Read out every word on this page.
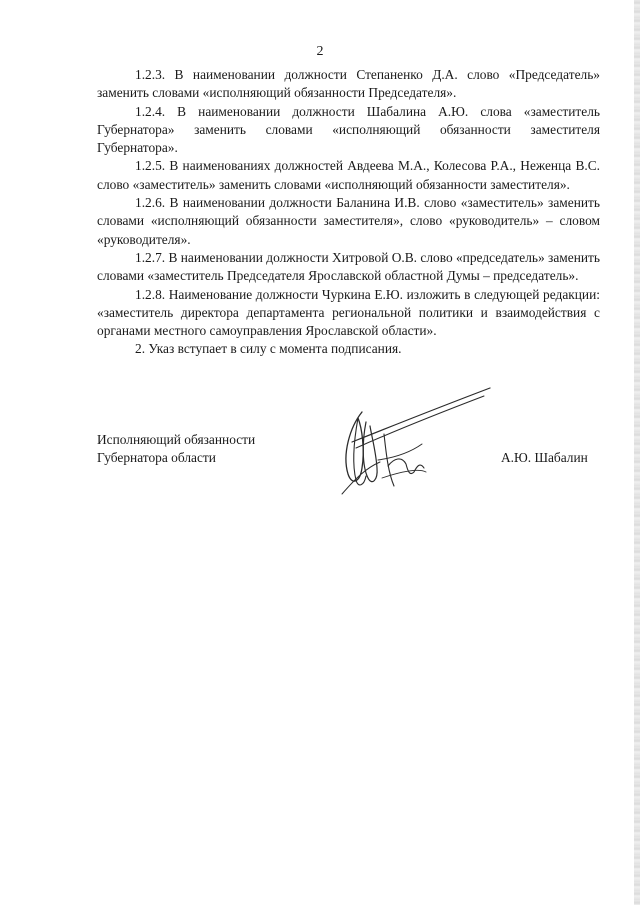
2

1.2.3. В наименовании должности Степаненко Д.А. слово «Председатель» заменить словами «исполняющий обязанности Председателя».

1.2.4. В наименовании должности Шабалина А.Ю. слова «заместитель Губернатора» заменить словами «исполняющий обязанности заместителя Губернатора».

1.2.5. В наименованиях должностей Авдеева М.А., Колесова Р.А., Неженца В.С. слово «заместитель» заменить словами «исполняющий обязанности заместителя».

1.2.6. В наименовании должности Баланина И.В. слово «заместитель» заменить словами «исполняющий обязанности заместителя», слово «руководитель» – словом «руководителя».

1.2.7. В наименовании должности Хитровой О.В. слово «председатель» заменить словами «заместитель Председателя Ярославской областной Думы – председатель».

1.2.8. Наименование должности Чуркина Е.Ю. изложить в следующей редакции: «заместитель директора департамента региональной политики и взаимодействия с органами местного самоуправления Ярославской области».

2. Указ вступает в силу с момента подписания.

Исполняющий обязанности
Губернатора области	А.Ю. Шабалин
